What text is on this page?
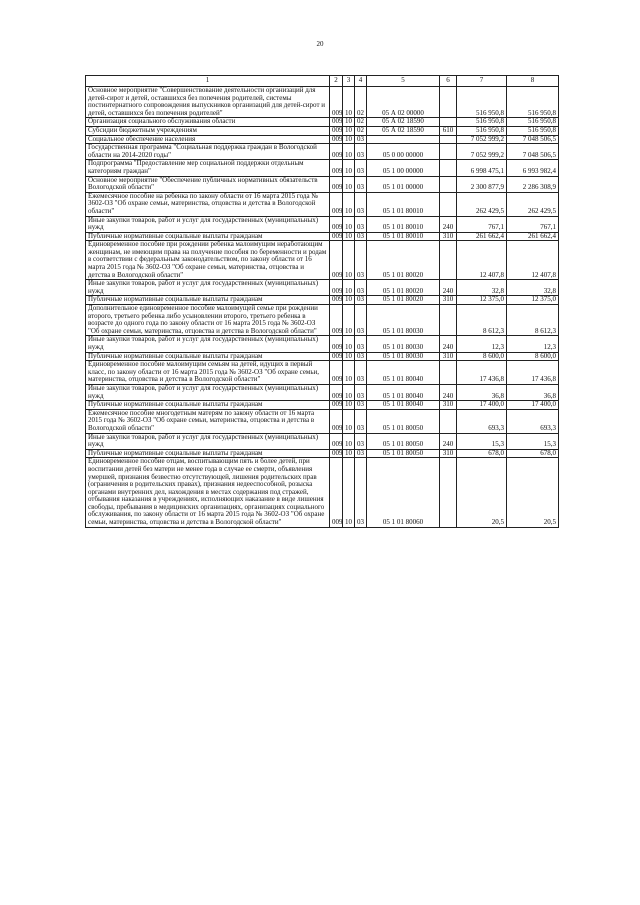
20
1	2	3	4	5	6	7	8
Основное мероприятие "Совершенствование деятельности организаций для детей-сирот и детей, оставшихся без попечения родителей, системы постинтернатного сопровождения выпускников организаций для детей-сирот и детей, оставшихся без попечения родителей"	009	10	02	05 А 02 00000		516 950,8	516 950,8
Организация социального обслуживания области	009	10	02	05 А 02 18590		516 950,8	516 950,8
Субсидии бюджетным учреждениям	009	10	02	05 А 02 18590	610	516 950,8	516 950,8
Социальное обеспечение населения	009	10	03			7 052 999,2	7 048 506,5
Государственная программа "Социальная поддержка граждан в Вологодской области на 2014-2020 годы"	009	10	03	05 0 00 00000		7 052 999,2	7 048 506,5
Подпрограмма "Предоставление мер социальной поддержки отдельным категориям граждан"	009	10	03	05 1 00 00000		6 998 475,1	6 993 982,4
Основное мероприятие "Обеспечение публичных нормативных обязательств Вологодской области"	009	10	03	05 1 01 00000		2 300 877,9	2 286 308,9
Ежемесячное пособие на ребенка по закону области от 16 марта 2015 года № 3602-ОЗ "Об охране семьи, материнства, отцовства и детства в Вологодской области"	009	10	03	05 1 01 80010		262 429,5	262 429,5
Иные закупки товаров, работ и услуг для государственных (муниципальных) нужд	009	10	03	05 1 01 80010	240	767,1	767,1
Публичные нормативные социальные выплаты гражданам	009	10	03	05 1 01 80010	310	261 662,4	261 662,4
Единовременное пособие при рождении ребенка малоимущим неработающим женщинам, не имеющим права на получение пособия по беременности и родам в соответствии с федеральным законодательством, по закону области от 16 марта 2015 года № 3602-ОЗ "Об охране семьи, материнства, отцовства и детства в Вологодской области"	009	10	03	05 1 01 80020		12 407,8	12 407,8
Иные закупки товаров, работ и услуг для государственных (муниципальных) нужд	009	10	03	05 1 01 80020	240	32,8	32,8
Публичные нормативные социальные выплаты гражданам	009	10	03	05 1 01 80020	310	12 375,0	12 375,0
Дополнительное единовременное пособие малоимущей семье при рождении второго, третьего ребенка либо усыновлении второго, третьего ребенка в возрасте до одного года по закону области от 16 марта 2015 года № 3602-ОЗ "Об охране семьи, материнства, отцовства и детства в Вологодской области"	009	10	03	05 1 01 80030		8 612,3	8 612,3
Иные закупки товаров, работ и услуг для государственных (муниципальных) нужд	009	10	03	05 1 01 80030	240	12,3	12,3
Публичные нормативные социальные выплаты гражданам	009	10	03	05 1 01 80030	310	8 600,0	8 600,0
Единовременное пособие малоимущим семьям на детей, идущих в первый класс, по закону области от 16 марта 2015 года № 3602-ОЗ "Об охране семьи, материнства, отцовства и детства в Вологодской области"	009	10	03	05 1 01 80040		17 436,8	17 436,8
Иные закупки товаров, работ и услуг для государственных (муниципальных) нужд	009	10	03	05 1 01 80040	240	36,8	36,8
Публичные нормативные социальные выплаты гражданам	009	10	03	05 1 01 80040	310	17 400,0	17 400,0
Ежемесячное пособие многодетным матерям по закону области от 16 марта 2015 года № 3602-ОЗ "Об охране семьи, материнства, отцовства и детства в Вологодской области"	009	10	03	05 1 01 80050		693,3	693,3
Иные закупки товаров, работ и услуг для государственных (муниципальных) нужд	009	10	03	05 1 01 80050	240	15,3	15,3
Публичные нормативные социальные выплаты гражданам	009	10	03	05 1 01 80050	310	678,0	678,0
Единовременное пособие отцам, воспитывающим пять и более детей, при воспитании детей без матери не менее года в случае ее смерти, объявления умершей, признания безвестно отсутствующей, лишения родительских прав (ограничения в родительских правах), признания недееспособной, розыска органами внутренних дел, нахождения в местах содержания под стражей, отбывания наказания в учреждениях, исполняющих наказание в виде лишения свободы, пребывания в медицинских организациях, организациях социального обслуживания, по закону области от 16 марта 2015 года № 3602-ОЗ "Об охране семьи, материнства, отцовства и детства в Вологодской области"	009	10	03	05 1 01 80060		20,5	20,5
